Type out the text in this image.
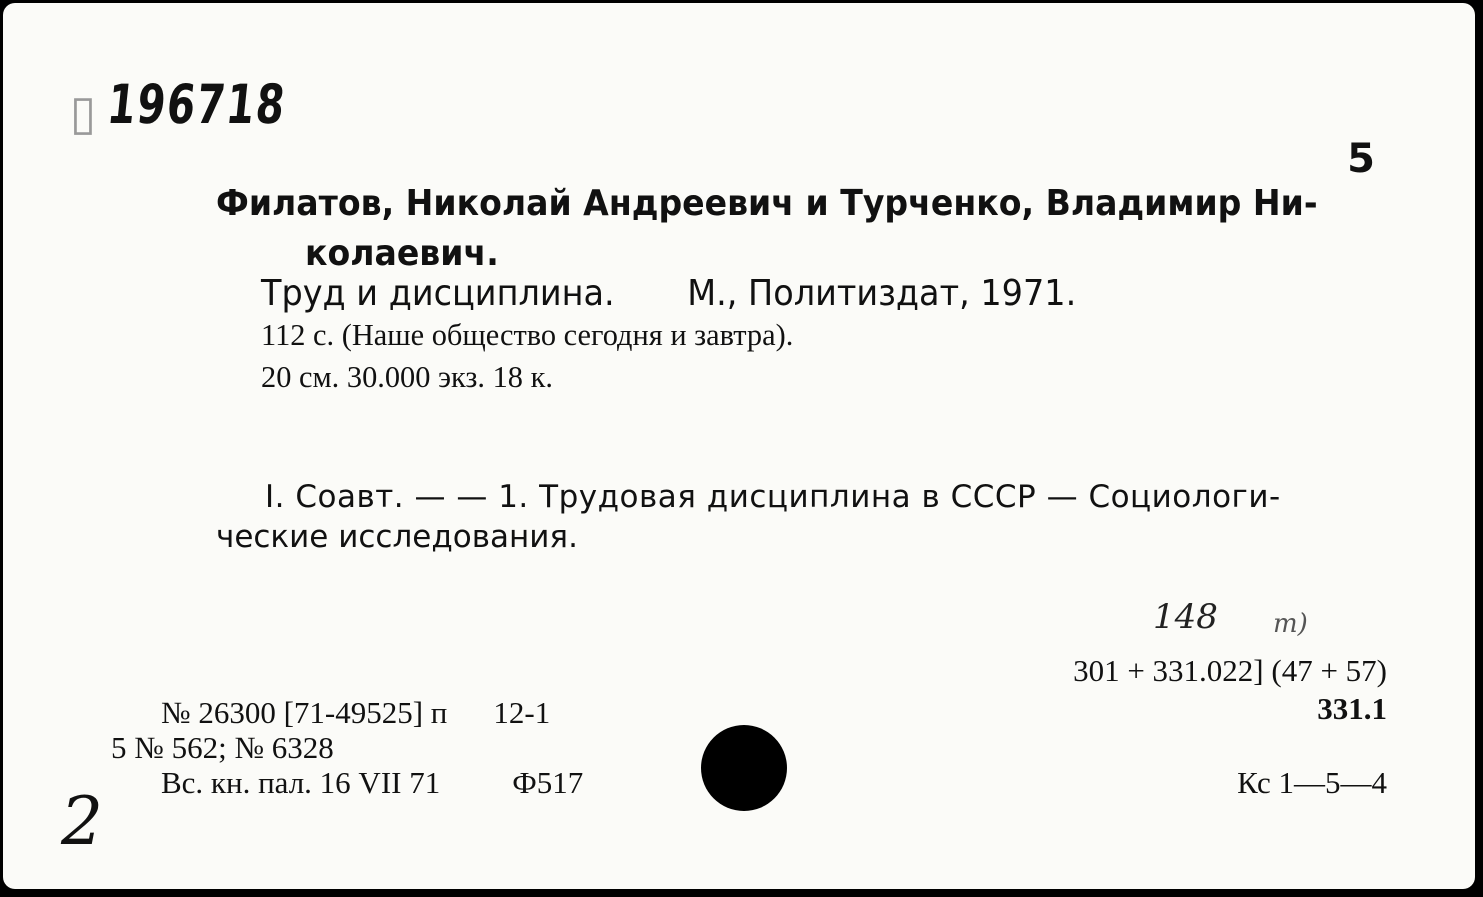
▯ 196718
5
Филатов, Николай Андреевич и Турченко, Владимир Ни-
колаевич.
Труд и дисциплина. М., Политиздат, 1971.
112 с. (Наше общество сегодня и завтра).
20 см. 30.000 экз. 18 к.
I. Соавт. — — 1. Трудовая дисциплина в СССР — Социологи-
ческие исследования.
148 т)
301 + 331.022] (47 + 57)
331.1
№ 26300 [71-49525] п 12-1
5 № 562; № 6328
Вс. кн. пал. 16 VII 71 Ф517	Кс 1—5—4
2
